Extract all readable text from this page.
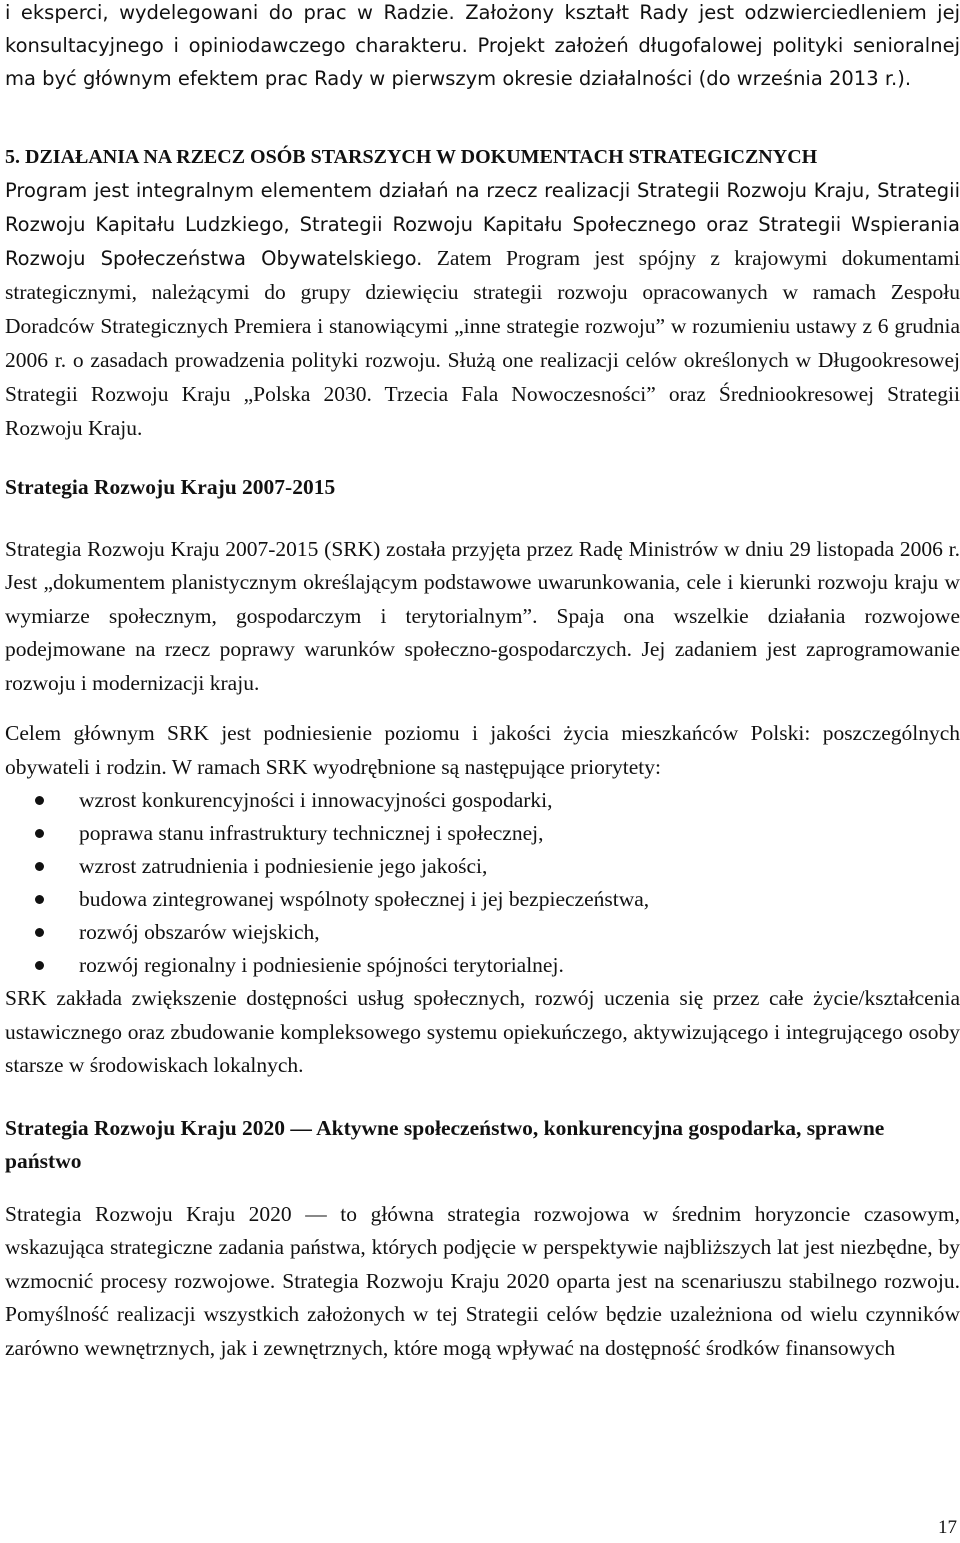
i eksperci, wydelegowani do prac w Radzie. Założony kształt Rady jest odzwierciedleniem jej konsultacyjnego i opiniodawczego charakteru. Projekt założeń długofalowej polityki senioralnej ma być głównym efektem prac Rady w pierwszym okresie działalności (do września 2013 r.).

5. DZIAŁANIA NA RZECZ OSÓB STARSZYCH W DOKUMENTACH STRATEGICZNYCH

Program jest integralnym elementem działań na rzecz realizacji Strategii Rozwoju Kraju, Strategii Rozwoju Kapitału Ludzkiego, Strategii Rozwoju Kapitału Społecznego oraz Strategii Wspierania Rozwoju Społeczeństwa Obywatelskiego. Zatem Program jest spójny z krajowymi dokumentami strategicznymi, należącymi do grupy dziewięciu strategii rozwoju opracowanych w ramach Zespołu Doradców Strategicznych Premiera i stanowiącymi „inne strategie rozwoju” w rozumieniu ustawy z 6 grudnia 2006 r. o zasadach prowadzenia polityki rozwoju. Służą one realizacji celów określonych w Długookresowej Strategii Rozwoju Kraju „Polska 2030. Trzecia Fala Nowoczesności” oraz Średniookresowej Strategii Rozwoju Kraju.

Strategia Rozwoju Kraju 2007-2015

Strategia Rozwoju Kraju 2007-2015 (SRK) została przyjęta przez Radę Ministrów w dniu 29 listopada 2006 r. Jest „dokumentem planistycznym określającym podstawowe uwarunkowania, cele i kierunki rozwoju kraju w wymiarze społecznym, gospodarczym i terytorialnym”. Spaja ona wszelkie działania rozwojowe podejmowane na rzecz poprawy warunków społeczno-gospodarczych. Jej zadaniem jest zaprogramowanie rozwoju i modernizacji kraju.

Celem głównym SRK jest podniesienie poziomu i jakości życia mieszkańców Polski: poszczególnych obywateli i rodzin. W ramach SRK wyodrębnione są następujące priorytety:

wzrost konkurencyjności i innowacyjności gospodarki,
poprawa stanu infrastruktury technicznej i społecznej,
wzrost zatrudnienia i podniesienie jego jakości,
budowa zintegrowanej wspólnoty społecznej i jej bezpieczeństwa,
rozwój obszarów wiejskich,
rozwój regionalny i podniesienie spójności terytorialnej.

SRK zakłada zwiększenie dostępności usług społecznych, rozwój uczenia się przez całe życie/kształcenia ustawicznego oraz zbudowanie kompleksowego systemu opiekuńczego, aktywizującego i integrującego osoby starsze w środowiskach lokalnych.

Strategia Rozwoju Kraju 2020 — Aktywne społeczeństwo, konkurencyjna gospodarka, sprawne państwo

Strategia Rozwoju Kraju 2020 — to główna strategia rozwojowa w średnim horyzoncie czasowym, wskazująca strategiczne zadania państwa, których podjęcie w perspektywie najbliższych lat jest niezbędne, by wzmocnić procesy rozwojowe. Strategia Rozwoju Kraju 2020 oparta jest na scenariuszu stabilnego rozwoju. Pomyślność realizacji wszystkich założonych w tej Strategii celów będzie uzależniona od wielu czynników zarówno wewnętrznych, jak i zewnętrznych, które mogą wpływać na dostępność środków finansowych

17
